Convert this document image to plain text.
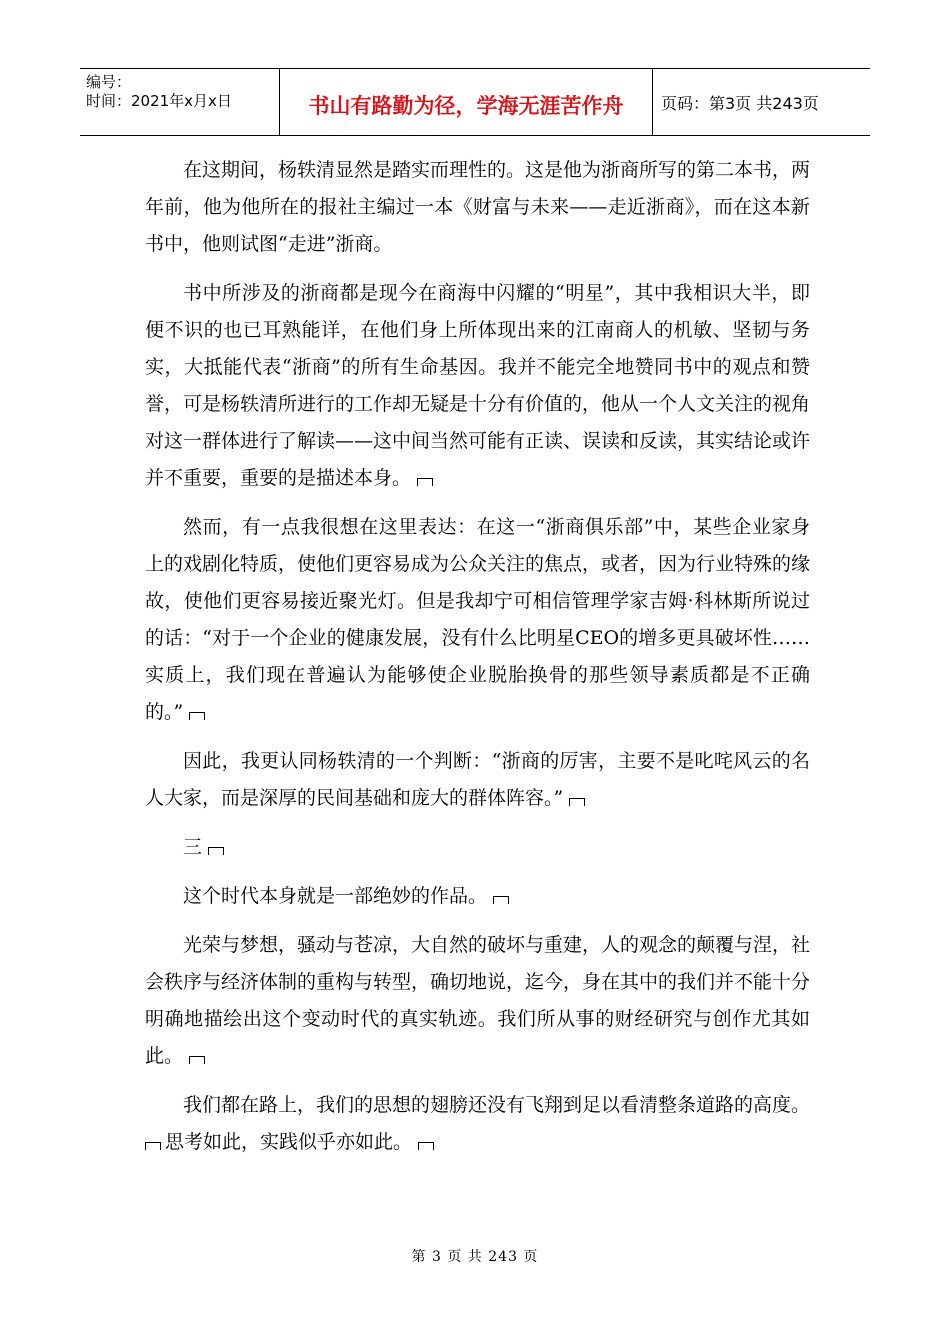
编号：
时间：2021年x月x日	书山有路勤为径，学海无涯苦作舟	页码：第3页 共243页

在这期间，杨轶清显然是踏实而理性的。这是他为浙商所写的第二本书，两年前，他为他所在的报社主编过一本《财富与未来——走近浙商》，而在这本新书中，他则试图“走进”浙商。

书中所涉及的浙商都是现今在商海中闪耀的“明星”，其中我相识大半，即便不识的也已耳熟能详，在他们身上所体现出来的江南商人的机敏、坚韧与务实，大抵能代表“浙商”的所有生命基因。我并不能完全地赞同书中的观点和赞誉，可是杨轶清所进行的工作却无疑是十分有价值的，他从一个人文关注的视角对这一群体进行了解读——这中间当然可能有正读、误读和反读，其实结论或许并不重要，重要的是描述本身。

然而，有一点我很想在这里表达：在这一“浙商俱乐部”中，某些企业家身上的戏剧化特质，使他们更容易成为公众关注的焦点，或者，因为行业特殊的缘故，使他们更容易接近聚光灯。但是我却宁可相信管理学家吉姆·科林斯所说过的话：“对于一个企业的健康发展，没有什么比明星CEO的增多更具破坏性……实质上，我们现在普遍认为能够使企业脱胎换骨的那些领导素质都是不正确的。”

因此，我更认同杨轶清的一个判断：“浙商的厉害，主要不是叱咤风云的名人大家，而是深厚的民间基础和庞大的群体阵容。”

三

这个时代本身就是一部绝妙的作品。

光荣与梦想，骚动与苍凉，大自然的破坏与重建，人的观念的颠覆与涅，社会秩序与经济体制的重构与转型，确切地说，迄今，身在其中的我们并不能十分明确地描绘出这个变动时代的真实轨迹。我们所从事的财经研究与创作尤其如此。

我们都在路上，我们的思想的翅膀还没有飞翔到足以看清整条道路的高度。
思考如此，实践似乎亦如此。

第 3 页 共 243 页
